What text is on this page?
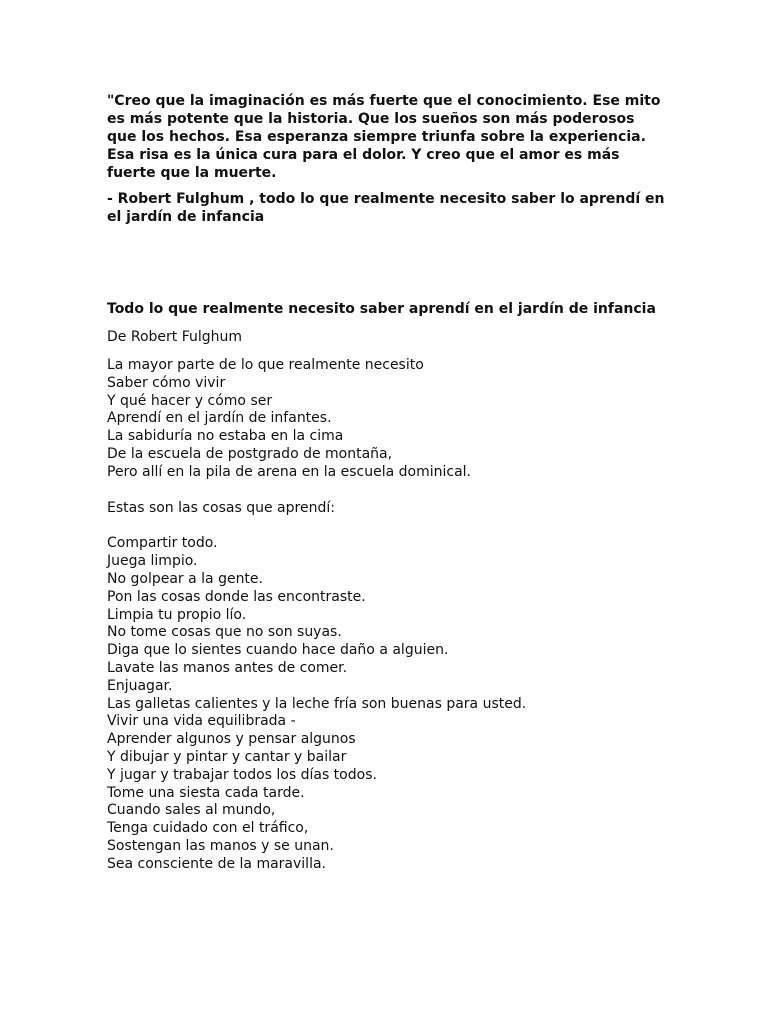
"Creo que la imaginación es más fuerte que el conocimiento. Ese mito es más potente que la historia. Que los sueños son más poderosos que los hechos. Esa esperanza siempre triunfa sobre la experiencia. Esa risa es la única cura para el dolor. Y creo que el amor es más fuerte que la muerte.

- Robert Fulghum , todo lo que realmente necesito saber lo aprendí en el jardín de infancia

Todo lo que realmente necesito saber aprendí en el jardín de infancia

De Robert Fulghum

La mayor parte de lo que realmente necesito
Saber cómo vivir
Y qué hacer y cómo ser
Aprendí en el jardín de infantes.
La sabiduría no estaba en la cima
De la escuela de postgrado de montaña,
Pero allí en la pila de arena en la escuela dominical.
Estas son las cosas que aprendí:
Compartir todo.
Juega limpio.
No golpear a la gente.
Pon las cosas donde las encontraste.
Limpia tu propio lío.
No tome cosas que no son suyas.
Diga que lo sientes cuando hace daño a alguien.
Lavate las manos antes de comer.
Enjuagar.
Las galletas calientes y la leche fría son buenas para usted.
Vivir una vida equilibrada -
Aprender algunos y pensar algunos
Y dibujar y pintar y cantar y bailar
Y jugar y trabajar todos los días todos.
Tome una siesta cada tarde.
Cuando sales al mundo,
Tenga cuidado con el tráfico,
Sostengan las manos y se unan.
Sea consciente de la maravilla.
